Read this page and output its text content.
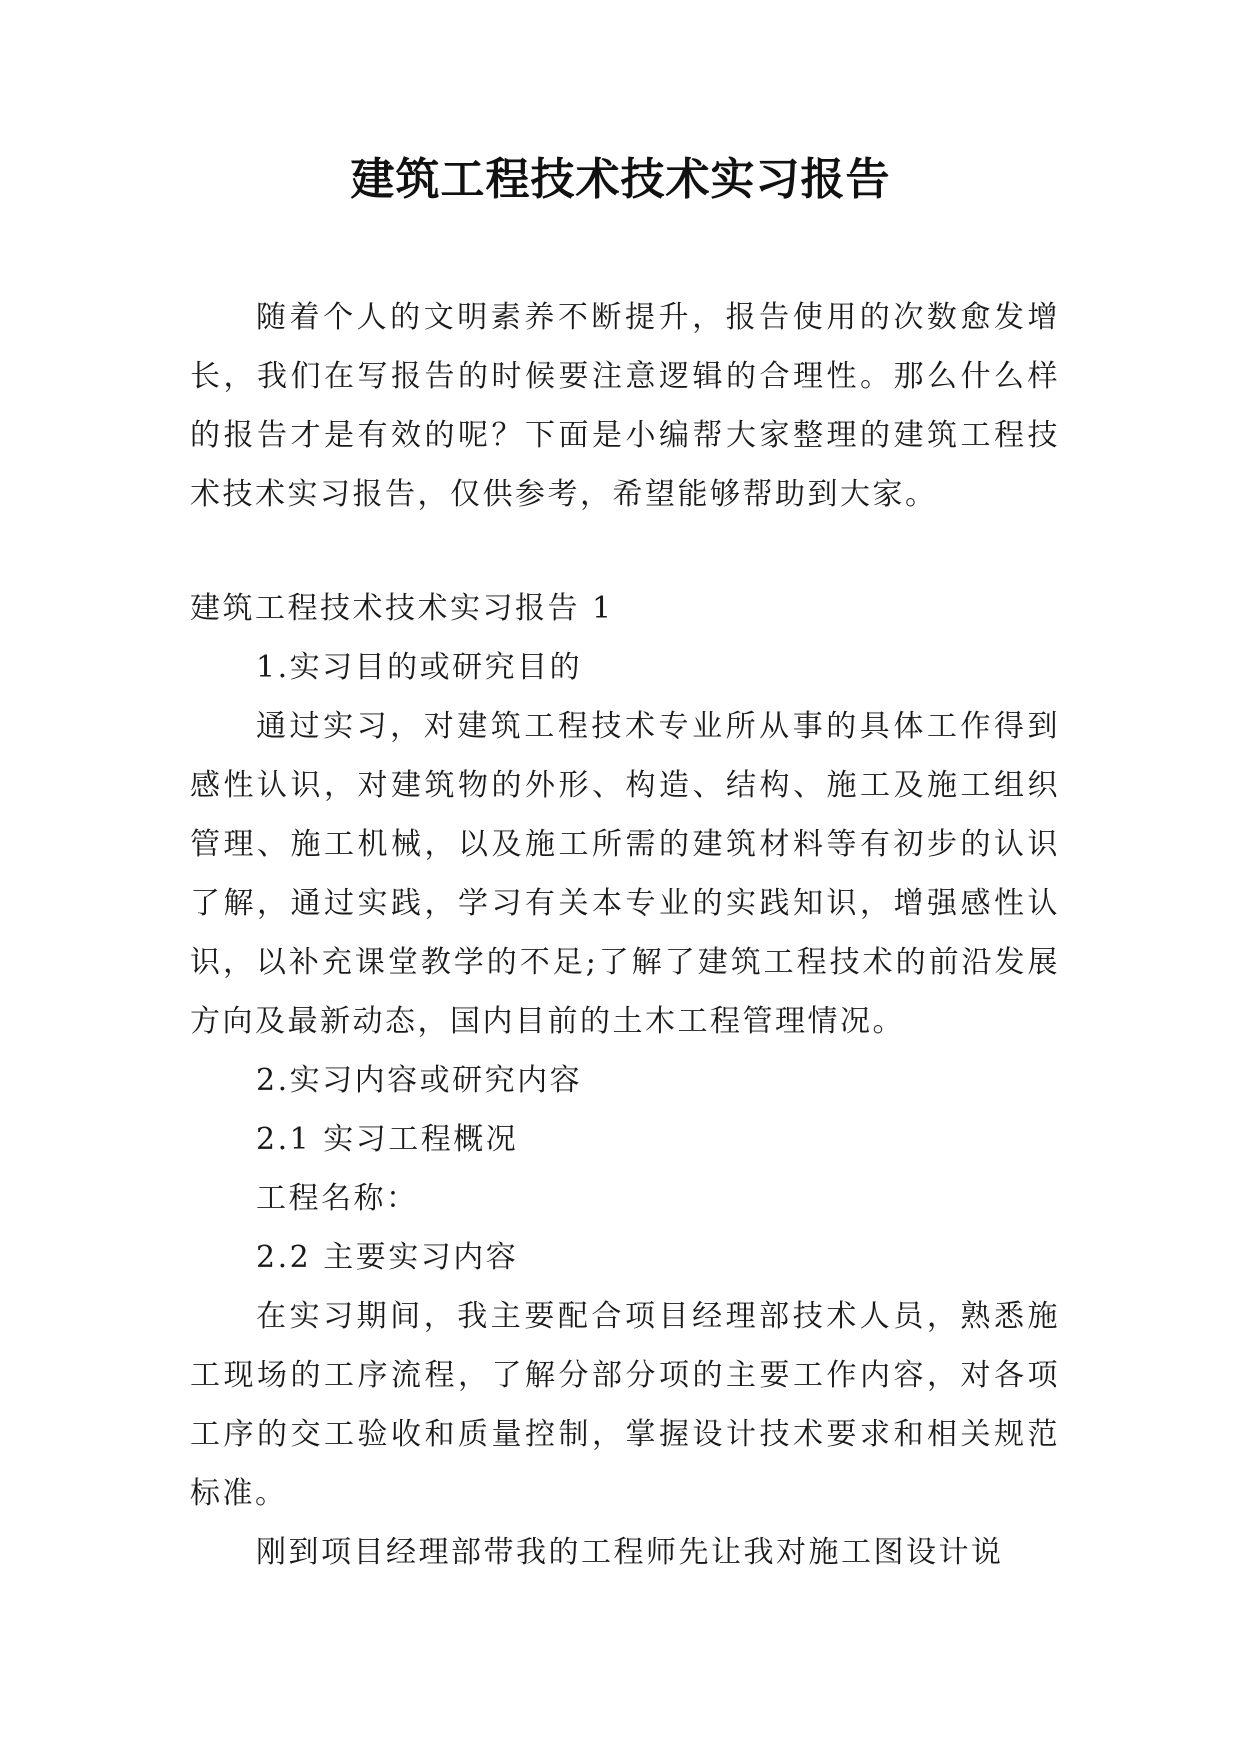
建筑工程技术技术实习报告

随着个人的文明素养不断提升，报告使用的次数愈发增长，我们在写报告的时候要注意逻辑的合理性。那么什么样的报告才是有效的呢？下面是小编帮大家整理的建筑工程技术技术实习报告，仅供参考，希望能够帮助到大家。

建筑工程技术技术实习报告 1

1.实习目的或研究目的

通过实习，对建筑工程技术专业所从事的具体工作得到感性认识，对建筑物的外形、构造、结构、施工及施工组织管理、施工机械，以及施工所需的建筑材料等有初步的认识了解，通过实践，学习有关本专业的实践知识，增强感性认识，以补充课堂教学的不足;了解了建筑工程技术的前沿发展方向及最新动态，国内目前的土木工程管理情况。

2.实习内容或研究内容

2.1 实习工程概况

工程名称：

2.2 主要实习内容

在实习期间，我主要配合项目经理部技术人员，熟悉施工现场的工序流程，了解分部分项的主要工作内容，对各项工序的交工验收和质量控制，掌握设计技术要求和相关规范标准。

刚到项目经理部带我的工程师先让我对施工图设计说
